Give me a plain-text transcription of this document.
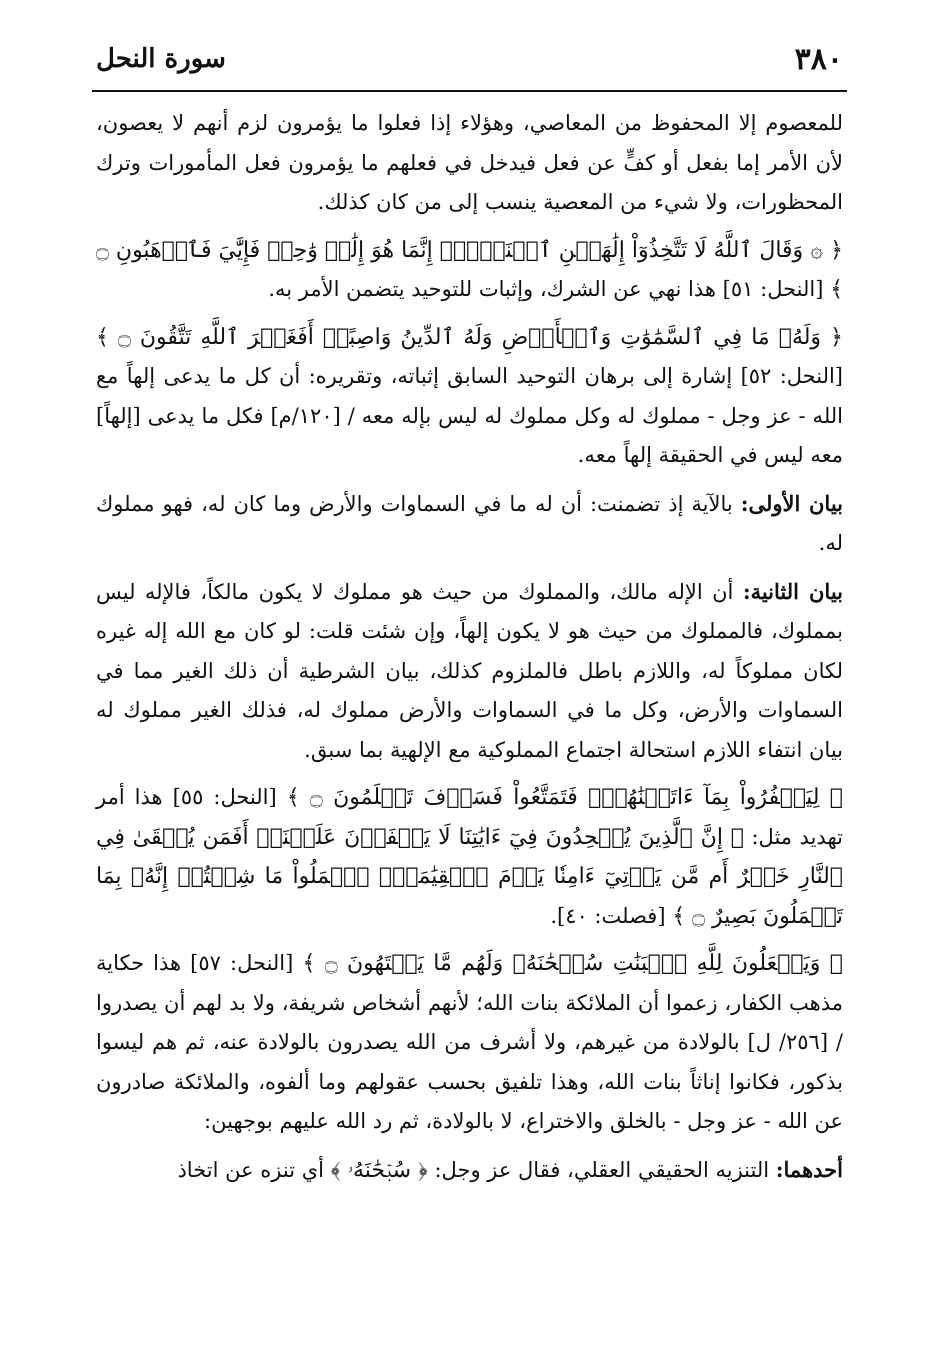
٣٨٠
سورة النحل

للمعصوم إلا المحفوظ من المعاصي، وهؤلاء إذا فعلوا ما يؤمرون لزم أنهم لا يعصون، لأن الأمر إما بفعل أو كفٍّ عن فعل فيدخل في فعلهم ما يؤمرون فعل المأمورات وترك المحظورات، ولا شيء من المعصية ينسب إلى من كان كذلك.

﴿ ۞ وَقَالَ ٱللَّهُ لَا تَتَّخِذُوٓاْ إِلَٰهَيۡنِ ٱثۡنَيۡنِۖ إِنَّمَا هُوَ إِلَٰهٞ وَٰحِدٞ فَإِيَّٰيَ فَٱرۡهَبُونِ ۝ ﴾ [النحل: ٥١] هذا نهي عن الشرك، وإثبات للتوحيد يتضمن الأمر به.

﴿ وَلَهُۥ مَا فِي ٱلسَّمَٰوَٰتِ وَٱلۡأَرۡضِ وَلَهُ ٱلدِّينُ وَاصِبًاۚ أَفَغَيۡرَ ٱللَّهِ تَتَّقُونَ ۝ ﴾ [النحل: ٥٢] إشارة إلى برهان التوحيد السابق إثباته، وتقريره: أن كل ما يدعى إلهاً مع الله - عز وجل - مملوك له وكل مملوك له ليس بإله معه / [١٢٠/م] فكل ما يدعى [إلهاً] معه ليس في الحقيقة إلهاً معه.

بيان الأولى: بالآية إذ تضمنت: أن له ما في السماوات والأرض وما كان له، فهو مملوك له.

بيان الثانية: أن الإله مالك، والمملوك من حيث هو مملوك لا يكون مالكاً، فالإله ليس بمملوك، فالمملوك من حيث هو لا يكون إلهاً، وإن شئت قلت: لو كان مع الله إله غيره لكان مملوكاً له، واللازم باطل فالملزوم كذلك، بيان الشرطية أن ذلك الغير مما في السماوات والأرض، وكل ما في السماوات والأرض مملوك له، فذلك الغير مملوك له بيان انتفاء اللازم استحالة اجتماع المملوكية مع الإلهية بما سبق.

﴿ لِيَكۡفُرُواْ بِمَآ ءَاتَيۡنَٰهُمۡۚ فَتَمَتَّعُواْ فَسَوۡفَ تَعۡلَمُونَ ۝ ﴾ [النحل: ٥٥] هذا أمر تهديد مثل: ﴿ إِنَّ ٱلَّذِينَ يُلۡحِدُونَ فِيٓ ءَايَٰتِنَا لَا يَخۡفَوۡنَ عَلَيۡنَآۗ أَفَمَن يُلۡقَىٰ فِي ٱلنَّارِ خَيۡرٌ أَم مَّن يَأۡتِيٓ ءَامِنٗا يَوۡمَ ٱلۡقِيَٰمَةِۚ ٱعۡمَلُواْ مَا شِئۡتُمۡ إِنَّهُۥ بِمَا تَعۡمَلُونَ بَصِيرٌ ۝ ﴾ [فصلت: ٤٠].

﴿ وَيَجۡعَلُونَ لِلَّهِ ٱلۡبَنَٰتِ سُبۡحَٰنَهُۥ وَلَهُم مَّا يَشۡتَهُونَ ۝ ﴾ [النحل: ٥٧] هذا حكاية مذهب الكفار، زعموا أن الملائكة بنات الله؛ لأنهم أشخاص شريفة، ولا بد لهم أن يصدروا / [٢٥٦/ ل] بالولادة من غيرهم، ولا أشرف من الله يصدرون بالولادة عنه، ثم هم ليسوا بذكور، فكانوا إناثاً بنات الله، وهذا تلفيق بحسب عقولهم وما ألفوه، والملائكة صادرون عن الله - عز وجل - بالخلق والاختراع، لا بالولادة، ثم رد الله عليهم بوجهين:

أحدهما: التنزيه الحقيقي العقلي، فقال عز وجل: ﴿ سُبۡحَٰنَهُۥ ﴾ أي تنزه عن اتخاذ
